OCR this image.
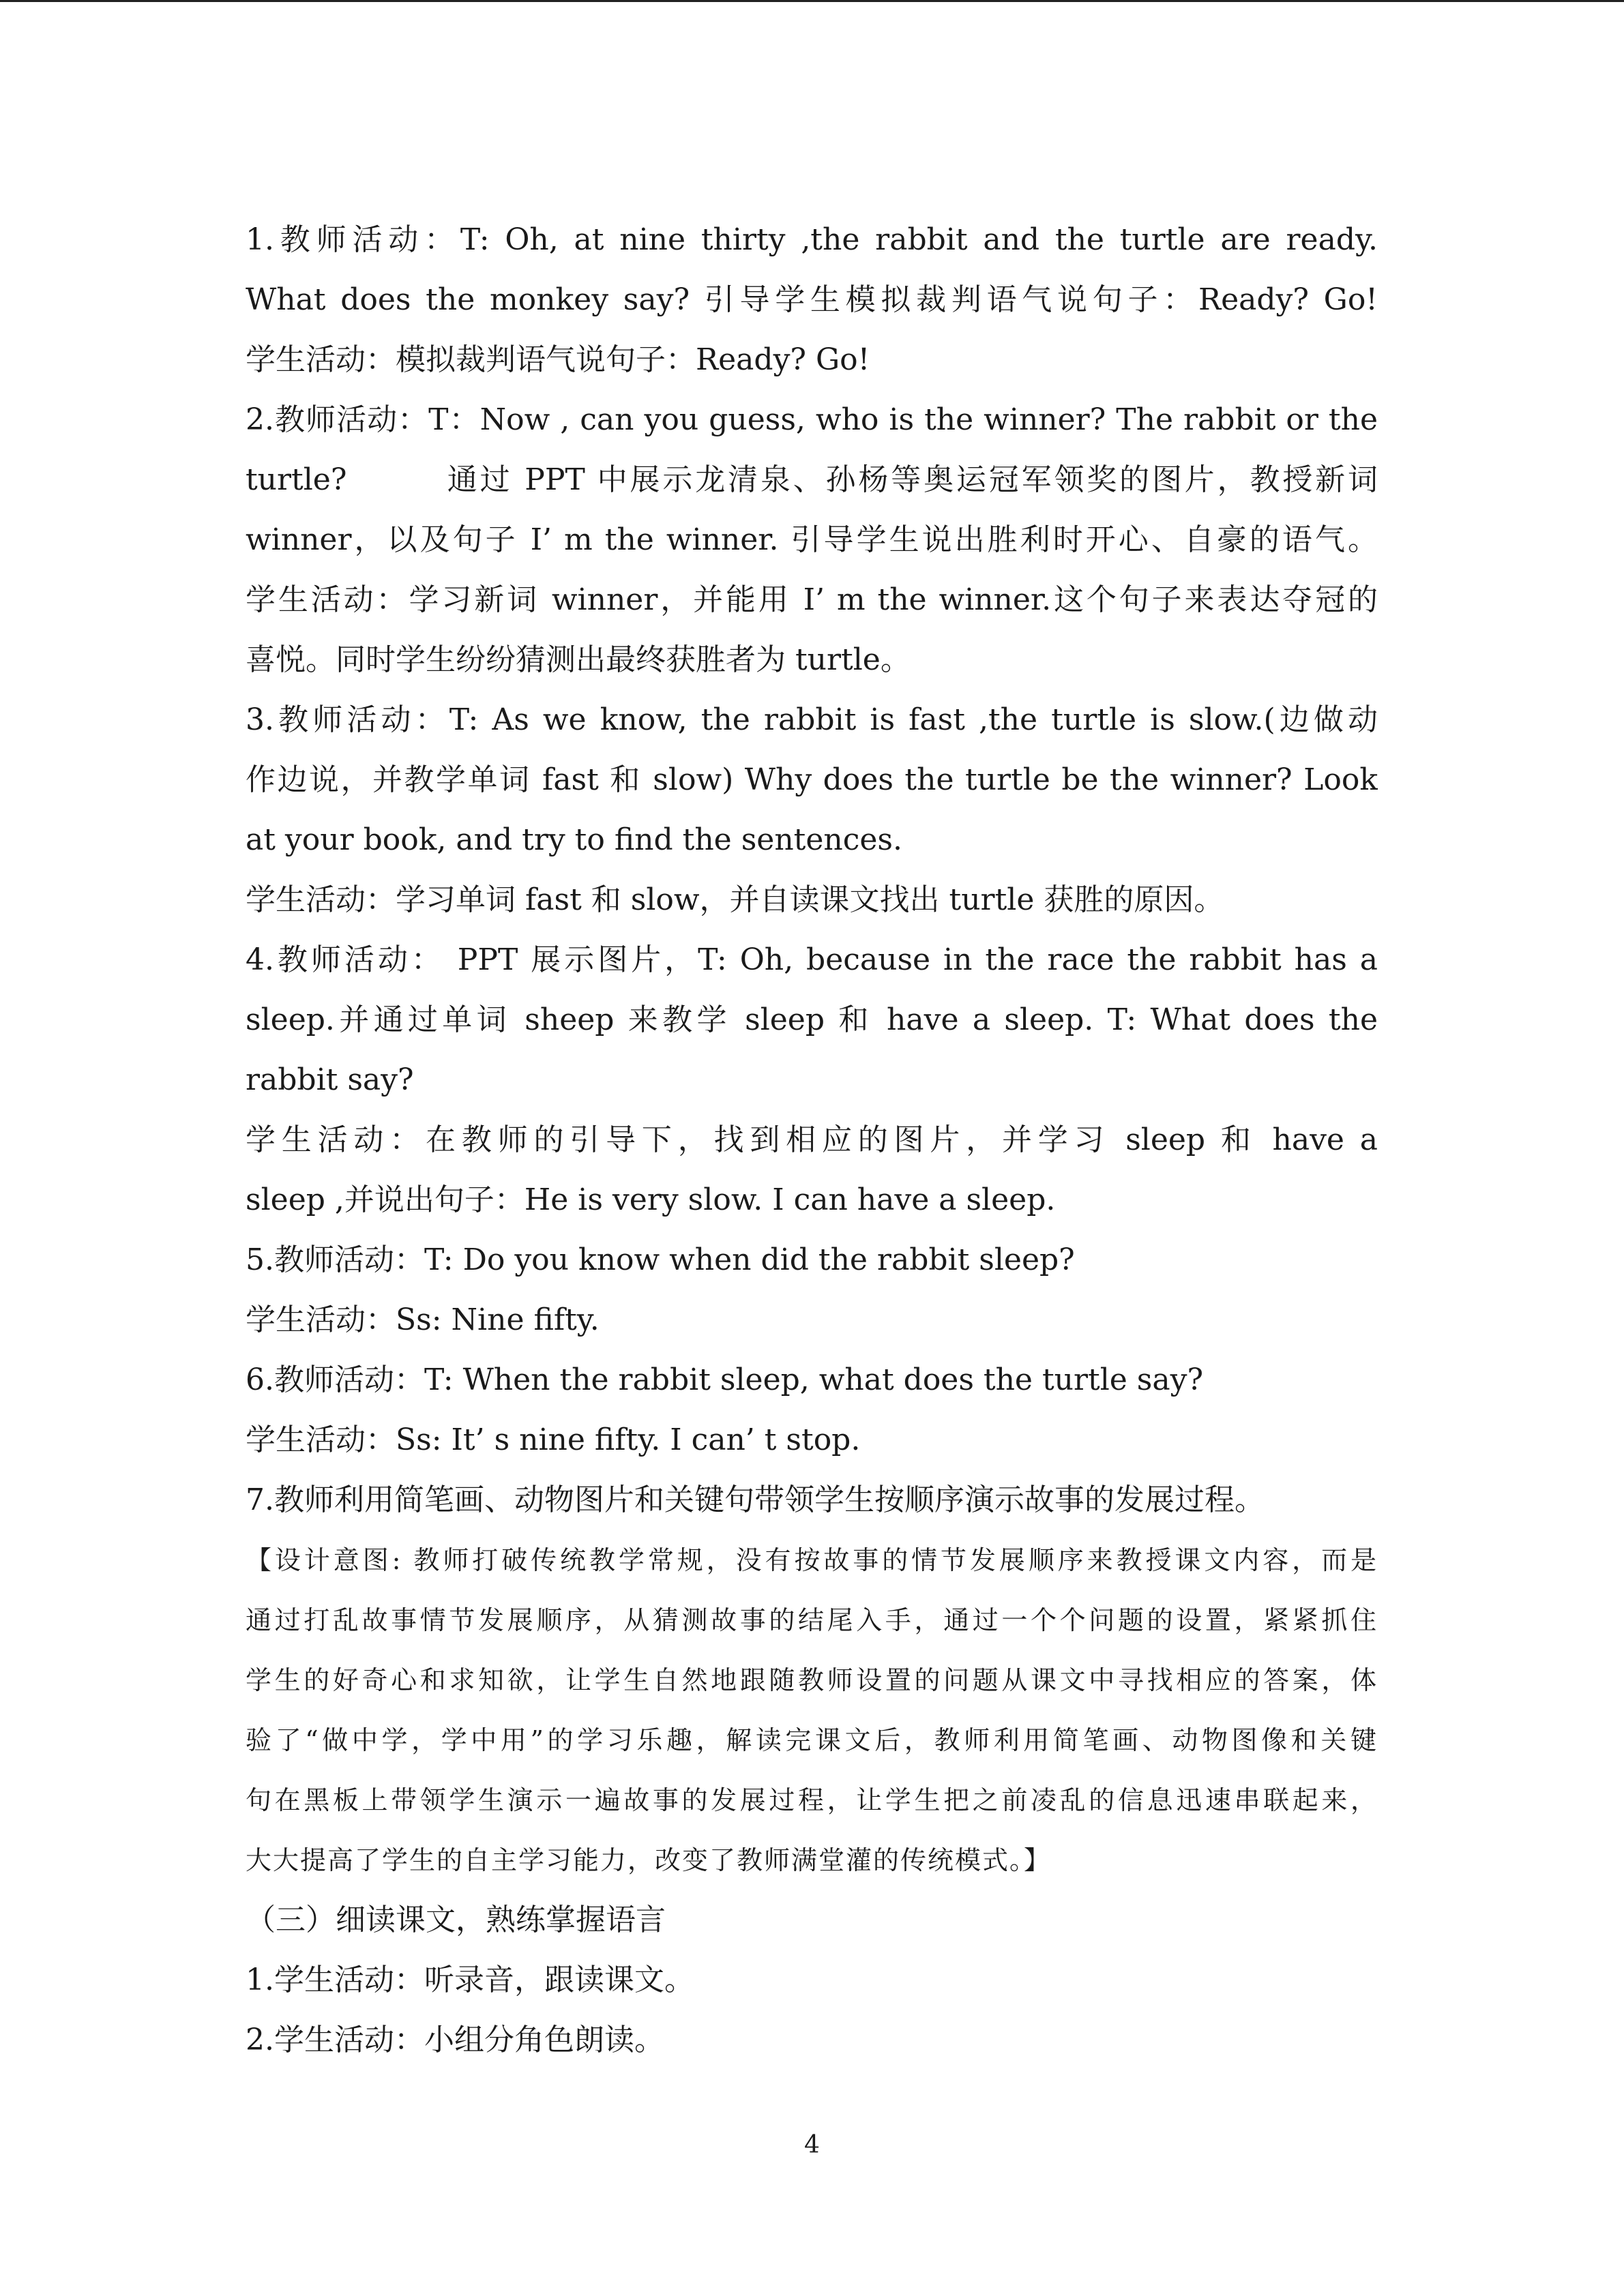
1.教师活动：T: Oh, at nine thirty ,the rabbit and the turtle are ready.
What does the monkey say? 引导学生模拟裁判语气说句子：Ready? Go!
学生活动：模拟裁判语气说句子：Ready? Go!
2.教师活动：T：Now , can you guess, who is the winner? The rabbit or the
turtle?　　　通过 PPT 中展示龙清泉、孙杨等奥运冠军领奖的图片，教授新词
winner，以及句子 I’ m the winner. 引导学生说出胜利时开心、自豪的语气。
学生活动：学习新词 winner，并能用 I’ m the winner.这个句子来表达夺冠的
喜悦。同时学生纷纷猜测出最终获胜者为 turtle。
3.教师活动：T: As we know, the rabbit is fast ,the turtle is slow.(边做动
作边说，并教学单词 fast 和 slow) Why does the turtle be the winner? Look
at your book, and try to find the sentences.
学生活动：学习单词 fast 和 slow，并自读课文找出 turtle 获胜的原因。
4.教师活动： PPT 展示图片，T: Oh, because in the race the rabbit has a
sleep.并通过单词 sheep 来教学 sleep 和 have a sleep. T: What does the
rabbit say?
学生活动：在教师的引导下，找到相应的图片，并学习 sleep 和 have a
sleep ,并说出句子：He is very slow. I can have a sleep.
5.教师活动：T: Do you know when did the rabbit sleep?
学生活动：Ss: Nine fifty.
6.教师活动：T: When the rabbit sleep, what does the turtle say?
学生活动：Ss: It’ s nine fifty. I can’ t stop.
7.教师利用简笔画、动物图片和关键句带领学生按顺序演示故事的发展过程。
【设计意图: 教师打破传统教学常规，没有按故事的情节发展顺序来教授课文内容，而是
通过打乱故事情节发展顺序，从猜测故事的结尾入手，通过一个个问题的设置，紧紧抓住
学生的好奇心和求知欲，让学生自然地跟随教师设置的问题从课文中寻找相应的答案，体
验了“做中学，学中用”的学习乐趣，解读完课文后，教师利用简笔画、动物图像和关键
句在黑板上带领学生演示一遍故事的发展过程，让学生把之前凌乱的信息迅速串联起来，
大大提高了学生的自主学习能力，改变了教师满堂灌的传统模式。】
（三）细读课文，熟练掌握语言
1.学生活动：听录音，跟读课文。
2.学生活动：小组分角色朗读。
4
